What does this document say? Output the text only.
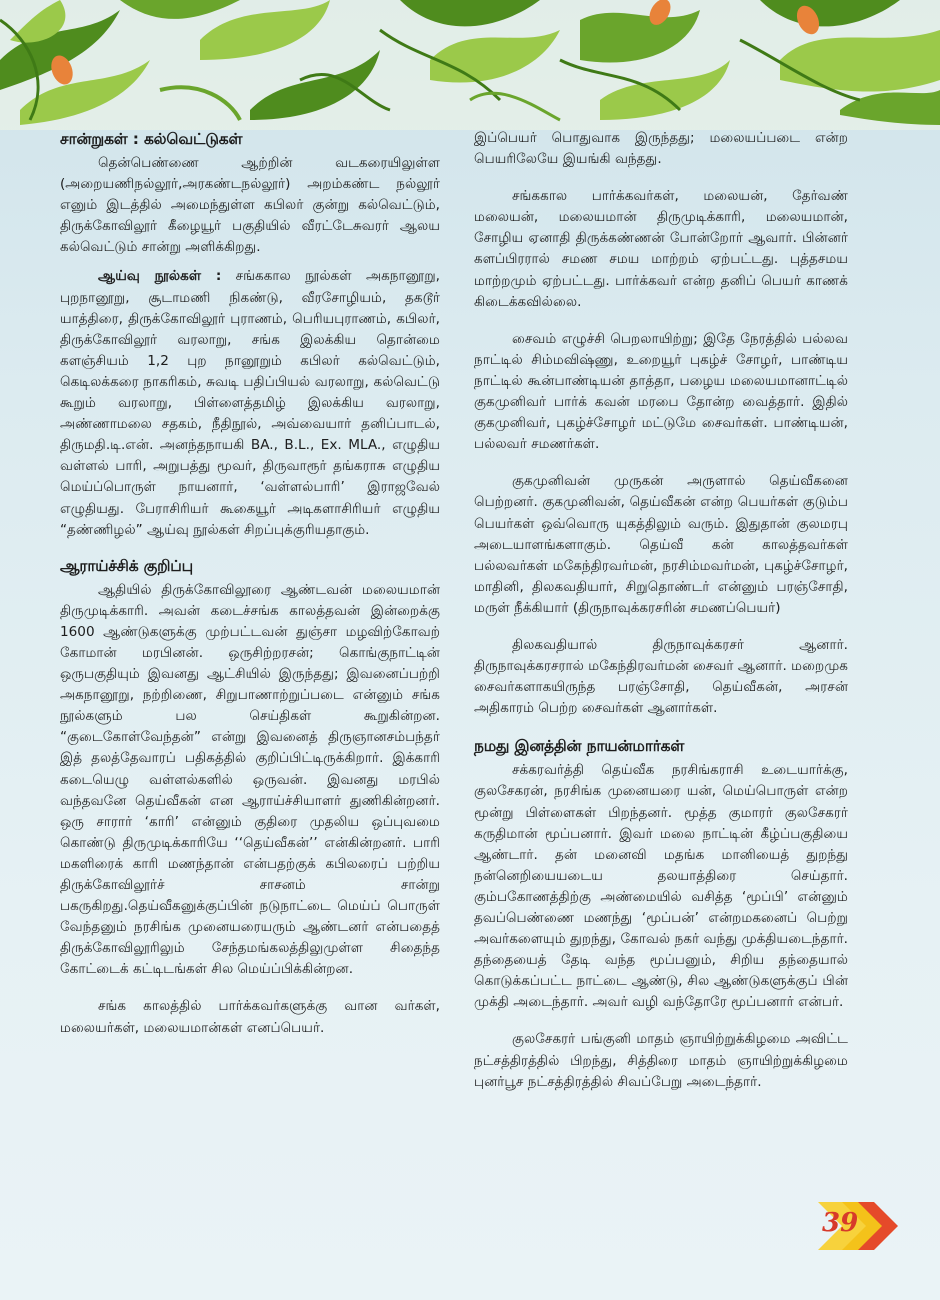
சான்றுகள் : கல்வெட்டுகள்

தென்பெண்ணை ஆற்றின் வடகரையிலுள்ள (அறையணிநல்லூர்,அரகண்டநல்லூர்) அறம்கண்ட நல்லூர் எனும் இடத்தில் அமைந்துள்ள கபிலர் குன்று கல்வெட்டும், திருக்கோவிலூர் கீழையூர் பகுதியில் வீரட்டேசுவரர் ஆலய கல்வெட்டும் சான்று அளிக்கிறது.

ஆய்வு நூல்கள் : சங்ககால நூல்கள் அகநானூறு, புறநானூறு, சூடாமணி நிகண்டு, வீரசோழியம், தகடூர் யாத்திரை, திருக்கோவிலூர் புராணம், பெரியபுராணம், கபிலர், திருக்கோவிலூர் வரலாறு, சங்க இலக்கிய தொன்மை களஞ்சியம் 1,2 புற நானூறும் கபிலர் கல்வெட்டும், கெடிலக்கரை நாகரிகம், சுவடி பதிப்பியல் வரலாறு, கல்வெட்டு கூறும் வரலாறு, பிள்ளைத்தமிழ் இலக்கிய வரலாறு, அண்ணாமலை சதகம், நீதிநூல், அவ்வையார் தனிப்பாடல், திருமதி.டி.என். அனந்தநாயகி BA., B.L., Ex. MLA., எழுதிய வள்ளல் பாரி, அறுபத்து மூவர், திருவாரூர் தங்கராசு எழுதிய மெய்ப்பொருள் நாயனார், ‘வள்ளல்பாரி’ இராஜவேல் எழுதியது. பேராசிரியர் கூகையூர் அடிகளாசிரியர் எழுதிய “தண்ணிழல்” ஆய்வு நூல்கள் சிறப்புக்குரியதாகும்.

ஆராய்ச்சிக் குறிப்பு

ஆதியில் திருக்கோவிலூரை ஆண்டவன் மலையமான் திருமுடிக்காரி. அவன் கடைச்சங்க காலத்தவன் இன்றைக்கு 1600 ஆண்டுகளுக்கு முற்பட்டவன் துஞ்சா மழவிற்கோவற் கோமான் மரபினன். ஒருசிற்றரசன்; கொங்குநாட்டின் ஒருபகுதியும் இவனது ஆட்சியில் இருந்தது; இவனைப்பற்றி அகநானூறு, நற்றிணை, சிறுபாணாற்றுப்படை என்னும் சங்க நூல்களும் பல செய்திகள் கூறுகின்றன. “குடைகோள்வேந்தன்” என்று இவனைத் திருஞானசம்பந்தர் இத் தலத்தேவாரப் பதிகத்தில் குறிப்பிட்டிருக்கிறார். இக்காரி கடையெழு வள்ளல்களில் ஒருவன். இவனது மரபில் வந்தவனே தெய்வீகன் என ஆராய்ச்சியாளர் துணிகின்றனர். ஒரு சாரார் ‘காரி’ என்னும் குதிரை முதலிய ஒப்புவமை கொண்டு திருமுடிக்காரியே ‘‘தெய்வீகன்’’ என்கின்றனர். பாரி மகளிரைக் காரி மணந்தான் என்பதற்குக் கபிலரைப் பற்றிய திருக்கோவிலூர்ச் சாசனம் சான்று பகருகிறது.தெய்வீகனுக்குப்பின் நடுநாட்டை மெய்ப் பொருள் வேந்தனும் நரசிங்க முனையரையரும் ஆண்டனர் என்பதைத் திருக்கோவிலூரிலும் சேந்தமங்கலத்திலுமுள்ள சிதைந்த கோட்டைக் கட்டிடங்கள் சில மெய்ப்பிக்கின்றன.

சங்க காலத்தில் பார்க்கவர்களுக்கு வான வர்கள், மலையர்கள், மலையமான்கள் எனப்பெயர்.

இப்பெயர் பொதுவாக இருந்தது; மலையப்படை என்ற பெயரிலேயே இயங்கி வந்தது.

சங்ககால பார்க்கவர்கள், மலையன், தேர்வண் மலையன், மலையமான் திருமுடிக்காரி, மலையமான், சோழிய ஏனாதி திருக்கண்ணன் போன்றோர் ஆவார். பின்னர் களப்பிரரால் சமண சமய மாற்றம் ஏற்பட்டது. புத்தசமய மாற்றமும் ஏற்பட்டது. பார்க்கவர் என்ற தனிப் பெயர் காணக் கிடைக்கவில்லை.

சைவம் எழுச்சி பெறலாயிற்று; இதே நேரத்தில் பல்லவ நாட்டில் சிம்மவிஷ்ணு, உறையூர் புகழ்ச் சோழர், பாண்டிய நாட்டில் கூன்பாண்டியன் தாத்தா, பழைய மலையமானாட்டில் குகமுனிவர் பார்க் கவன் மரபை தோன்ற வைத்தார். இதில் குகமுனிவர், புகழ்ச்சோழர் மட்டுமே சைவர்கள். பாண்டியன், பல்லவர் சமணர்கள்.

குகமுனிவன் முருகன் அருளால் தெய்வீகனை பெற்றனர். குகமுனிவன், தெய்வீகன் என்ற பெயர்கள் குடும்ப பெயர்கள் ஒவ்வொரு யுகத்திலும் வரும். இதுதான் குலமரபு அடையாளங்களாகும். தெய்வீ கன் காலத்தவர்கள் பல்லவர்கள் மகேந்திரவர்மன், நரசிம்மவர்மன், புகழ்ச்சோழர், மாதினி, திலகவதியார், சிறுதொண்டர் என்னும் பரஞ்சோதி, மருள் நீக்கியார் (திருநாவுக்கரசரின் சமணப்பெயர்)

திலகவதியால் திருநாவுக்கரசர் ஆனார். திருநாவுக்கரசரால் மகேந்திரவர்மன் சைவர் ஆனார். மறைமுக சைவர்களாகயிருந்த பரஞ்சோதி, தெய்வீகன், அரசன் அதிகாரம் பெற்ற சைவர்கள் ஆனார்கள்.

நமது இனத்தின் நாயன்மார்கள்

சக்கரவர்த்தி தெய்வீக நரசிங்கராசி உடையார்க்கு, குலசேகரன், நரசிங்க முனையரை யன், மெய்பொருள் என்ற மூன்று பிள்ளைகள் பிறந்தனர். மூத்த குமாரர் குலசேகரர் கருதிமான் மூப்பனார். இவர் மலை நாட்டின் கீழ்ப்பகுதியை ஆண்டார். தன் மனைவி மதங்க மானியைத் துறந்து நன்னெறியையடைய தலயாத்திரை செய்தார். கும்பகோணத்திற்கு அண்மையில் வசித்த ‘மூப்பி’ என்னும் தவப்பெண்ணை மணந்து ‘மூப்பன்’ என்றமகனைப் பெற்று அவர்களையும் துறந்து, கோவல் நகர் வந்து முக்தியடைந்தார். தந்தையைத் தேடி வந்த மூப்பனும், சிறிய தந்தையால் கொடுக்கப்பட்ட நாட்டை ஆண்டு, சில ஆண்டுகளுக்குப் பின் முக்தி அடைந்தார். அவர் வழி வந்தோரே மூப்பனார் என்பர்.

குலசேகரர் பங்குனி மாதம் ஞாயிற்றுக்கிழமை அவிட்ட நட்சத்திரத்தில் பிறந்து, சித்திரை மாதம் ஞாயிற்றுக்கிழமை புனர்பூச நட்சத்திரத்தில் சிவப்பேறு அடைந்தார்.

39
